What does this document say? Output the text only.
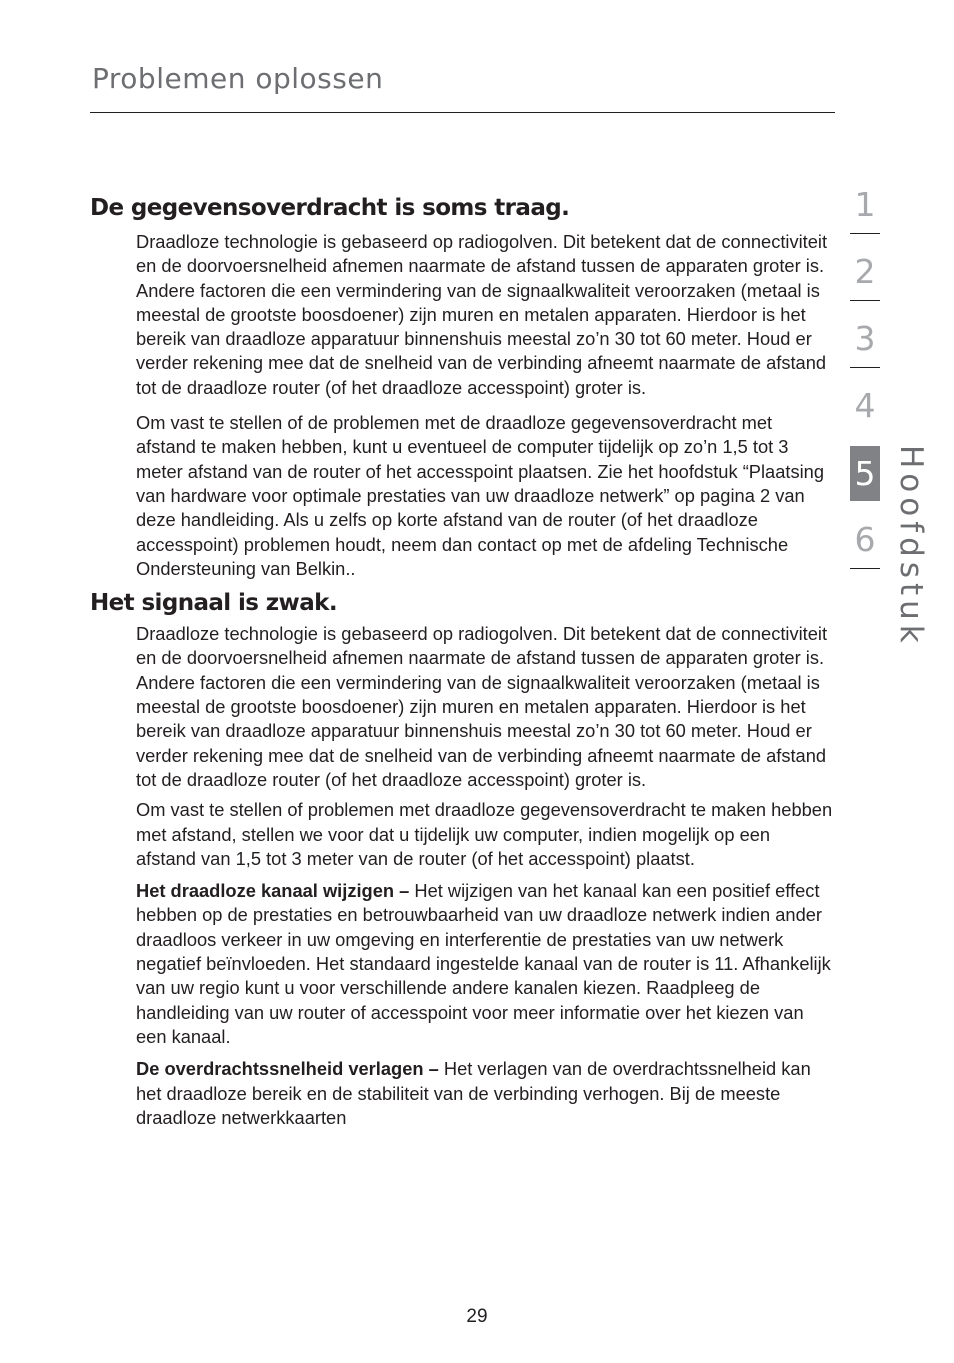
Problemen oplossen
De gegevensoverdracht is soms traag.

Draadloze technologie is gebaseerd op radiogolven. Dit betekent dat de connectiviteit en de doorvoersnelheid afnemen naarmate de afstand tussen de apparaten groter is. Andere factoren die een vermindering van de signaalkwaliteit veroorzaken (metaal is meestal de grootste boosdoener) zijn muren en metalen apparaten. Hierdoor is het bereik van draadloze apparatuur binnenshuis meestal zo’n 30 tot 60 meter. Houd er verder rekening mee dat de snelheid van de verbinding afneemt naarmate de afstand tot de draadloze router (of het draadloze accesspoint) groter is.

Om vast te stellen of de problemen met de draadloze gegevensoverdracht met afstand te maken hebben, kunt u eventueel de computer tijdelijk op zo’n 1,5 tot 3 meter afstand van de router of het accesspoint plaatsen. Zie het hoofdstuk “Plaatsing van hardware voor optimale prestaties van uw draadloze netwerk” op pagina 2 van deze handleiding. Als u zelfs op korte afstand van de router (of het draadloze accesspoint) problemen houdt, neem dan contact op met de afdeling Technische Ondersteuning van Belkin..

Het signaal is zwak.

Draadloze technologie is gebaseerd op radiogolven. Dit betekent dat de connectiviteit en de doorvoersnelheid afnemen naarmate de afstand tussen de apparaten groter is. Andere factoren die een vermindering van de signaalkwaliteit veroorzaken (metaal is meestal de grootste boosdoener) zijn muren en metalen apparaten. Hierdoor is het bereik van draadloze apparatuur binnenshuis meestal zo’n 30 tot 60 meter. Houd er verder rekening mee dat de snelheid van de verbinding afneemt naarmate de afstand tot de draadloze router (of het draadloze accesspoint) groter is.

Om vast te stellen of problemen met draadloze gegevensoverdracht te maken hebben met afstand, stellen we voor dat u tijdelijk uw computer, indien mogelijk op een afstand van 1,5 tot 3 meter van de router (of het accesspoint) plaatst.

Het draadloze kanaal wijzigen – Het wijzigen van het kanaal kan een positief effect hebben op de prestaties en betrouwbaarheid van uw draadloze netwerk indien ander draadloos verkeer in uw omgeving en interferentie de prestaties van uw netwerk negatief beïnvloeden. Het standaard ingestelde kanaal van de router is 11. Afhankelijk van uw regio kunt u voor verschillende andere kanalen kiezen. Raadpleeg de handleiding van uw router of accesspoint voor meer informatie over het kiezen van een kanaal.

De overdrachtssnelheid verlagen – Het verlagen van de overdrachtssnelheid kan het draadloze bereik en de stabiliteit van de verbinding verhogen. Bij de meeste draadloze netwerkkaarten

1
2
3
4
5
6 Hoofdstuk
29
